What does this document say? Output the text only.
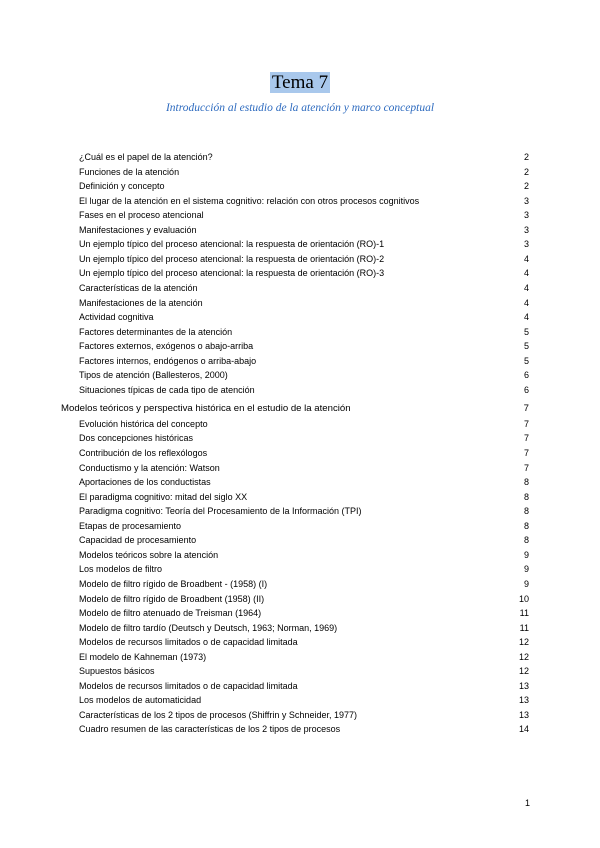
Tema 7
Introducción al estudio de la atención y marco conceptual
¿Cuál es el papel de la atención?	2
Funciones de la atención	2
Definición y concepto	2
El lugar de la atención en el sistema cognitivo: relación con otros procesos cognitivos	3
Fases en el proceso atencional	3
Manifestaciones y evaluación	3
Un ejemplo típico del proceso atencional: la respuesta de orientación (RO)-1	3
Un ejemplo típico del proceso atencional: la respuesta de orientación (RO)-2	4
Un ejemplo típico del proceso atencional: la respuesta de orientación (RO)-3	4
Características de la atención	4
Manifestaciones de la atención	4
Actividad cognitiva	4
Factores determinantes de la atención	5
Factores externos, exógenos o abajo-arriba	5
Factores internos, endógenos o arriba-abajo	5
Tipos de atención (Ballesteros, 2000)	6
Situaciones típicas de cada tipo de atención	6
Modelos teóricos y perspectiva histórica en el estudio de la atención	7
Evolución histórica del concepto	7
Dos concepciones históricas	7
Contribución de los reflexólogos	7
Conductismo y la atención: Watson	7
Aportaciones de los conductistas	8
El paradigma cognitivo: mitad del siglo XX	8
Paradigma cognitivo: Teoría del Procesamiento de la Información (TPI)	8
Etapas de procesamiento	8
Capacidad de procesamiento	8
Modelos teóricos sobre la atención	9
Los modelos de filtro	9
Modelo de filtro rígido de Broadbent - (1958) (I)	9
Modelo de filtro rígido de Broadbent (1958) (II)	10
Modelo de filtro atenuado de Treisman (1964)	11
Modelo de filtro tardío (Deutsch y Deutsch, 1963; Norman, 1969)	11
Modelos de recursos limitados o de capacidad limitada	12
El modelo de Kahneman (1973)	12
Supuestos básicos	12
Modelos de recursos limitados o de capacidad limitada	13
Los modelos de automaticidad	13
Características de los 2 tipos de procesos (Shiffrin y Schneider, 1977)	13
Cuadro resumen de las características de los 2 tipos de procesos	14
1
